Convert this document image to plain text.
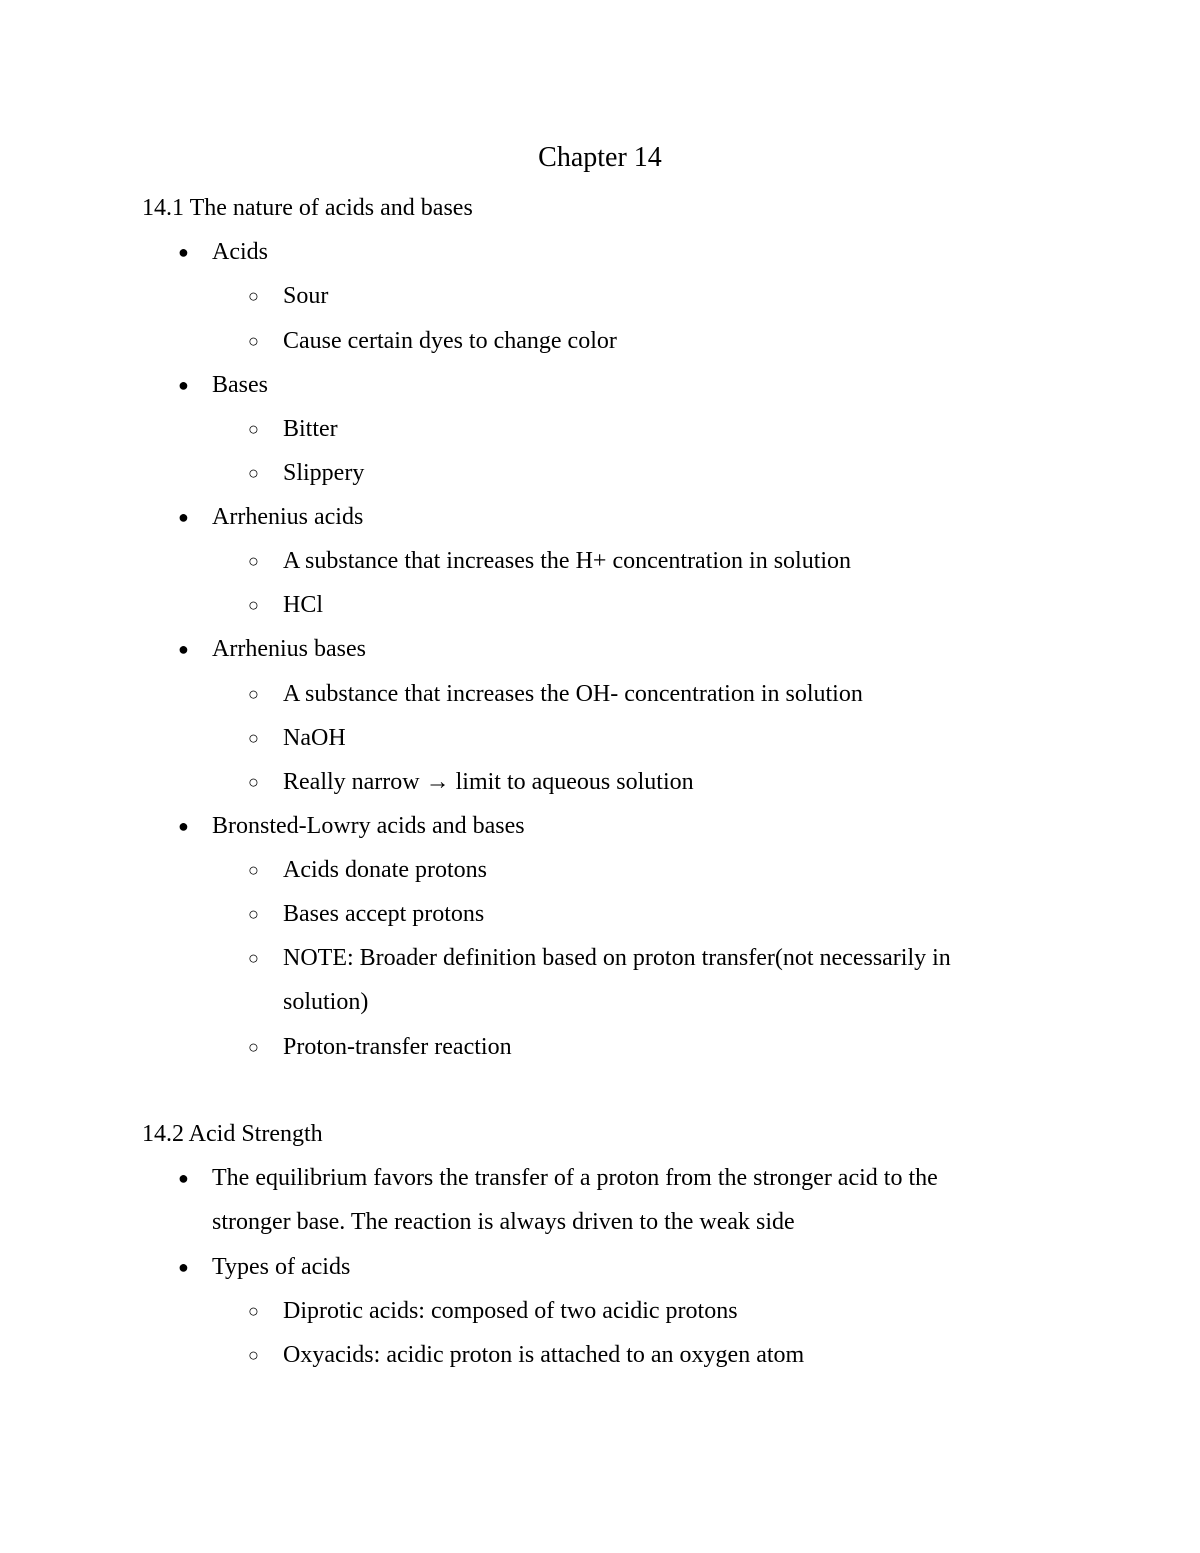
Chapter 14
14.1 The nature of acids and bases
● Acids
○ Sour
○ Cause certain dyes to change color
● Bases
○ Bitter
○ Slippery
● Arrhenius acids
○ A substance that increases the H+ concentration in solution
○ HCl
● Arrhenius bases
○ A substance that increases the OH- concentration in solution
○ NaOH
○ Really narrow → limit to aqueous solution
● Bronsted-Lowry acids and bases
○ Acids donate protons
○ Bases accept protons
○ NOTE: Broader definition based on proton transfer(not necessarily in
solution)
○ Proton-transfer reaction
14.2 Acid Strength
● The equilibrium favors the transfer of a proton from the stronger acid to the
stronger base. The reaction is always driven to the weak side
● Types of acids
○ Diprotic acids: composed of two acidic protons
○ Oxyacids: acidic proton is attached to an oxygen atom
